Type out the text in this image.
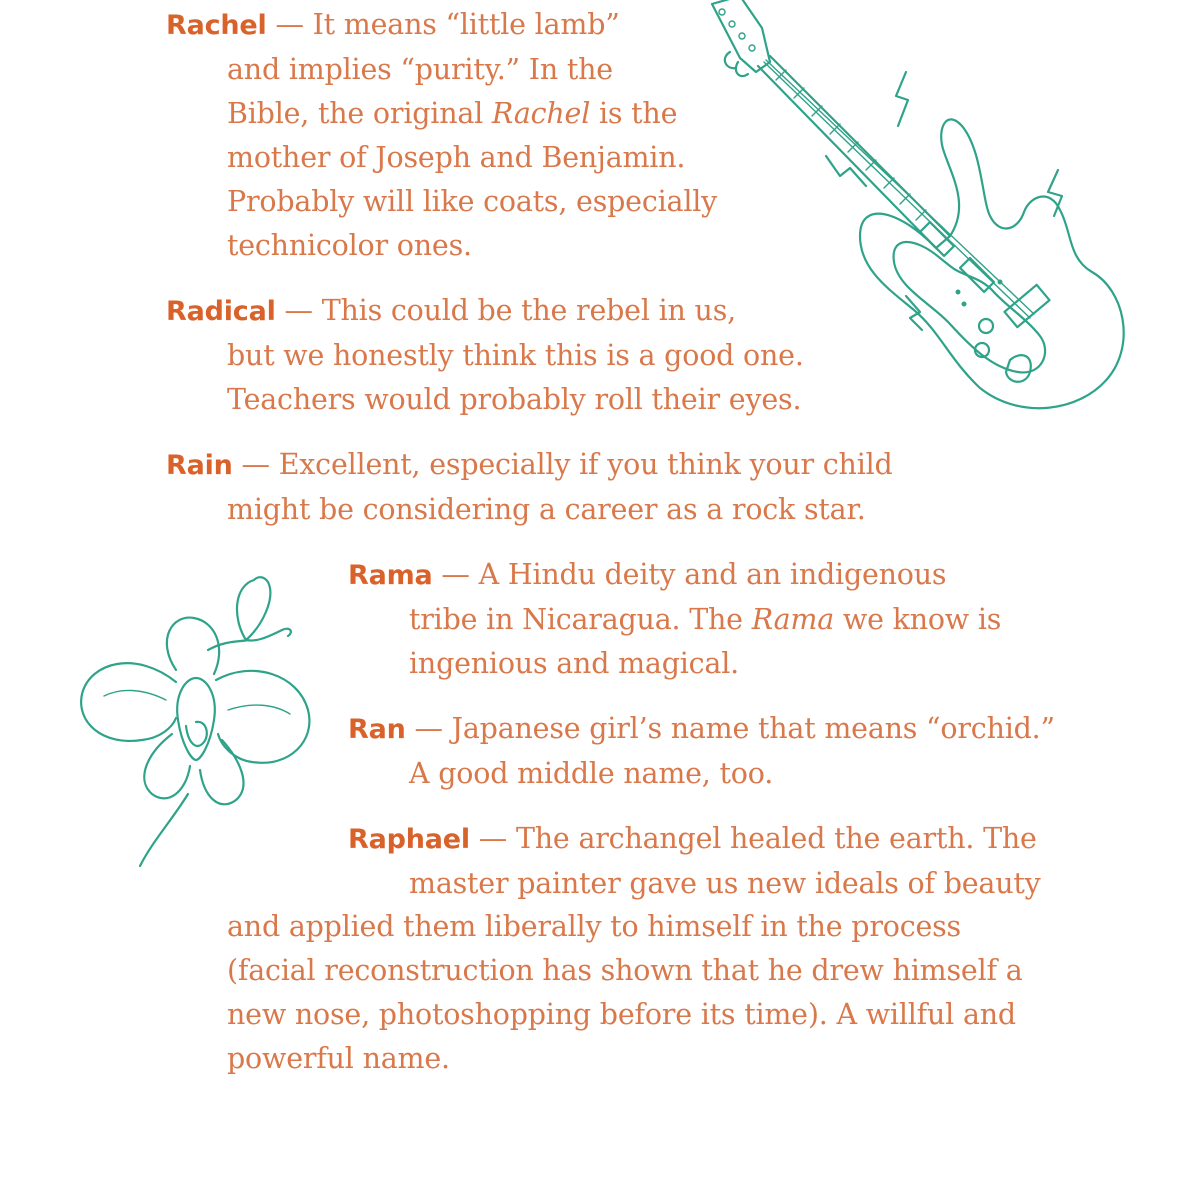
Rachel — It means “little lamb”
and implies “purity.” In the
Bible, the original Rachel is the
mother of Joseph and Benjamin.
Probably will like coats, especially
technicolor ones.
Radical — This could be the rebel in us,
but we honestly think this is a good one.
Teachers would probably roll their eyes.
Rain — Excellent, especially if you think your child
might be considering a career as a rock star.
Rama — A Hindu deity and an indigenous
tribe in Nicaragua. The Rama we know is
ingenious and magical.
Ran — Japanese girl’s name that means “orchid.”
A good middle name, too.
Raphael — The archangel healed the earth. The
master painter gave us new ideals of beauty
and applied them liberally to himself in the process
(facial reconstruction has shown that he drew himself a
new nose, photoshopping before its time). A willful and
powerful name.
